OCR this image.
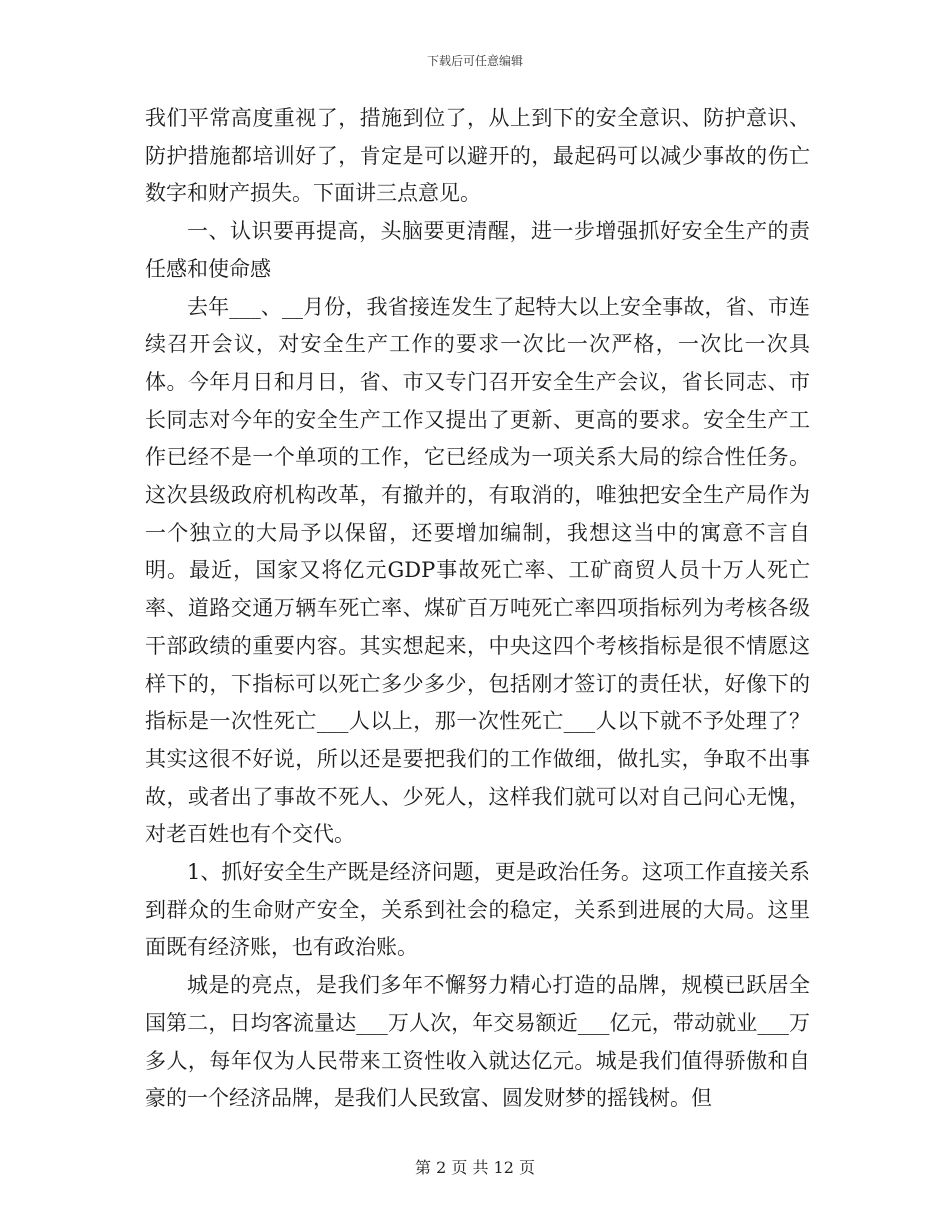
下载后可任意编辑

我们平常高度重视了，措施到位了，从上到下的安全意识、防护意识、防护措施都培训好了，肯定是可以避开的，最起码可以减少事故的伤亡数字和财产损失。下面讲三点意见。

一、认识要再提高，头脑要更清醒，进一步增强抓好安全生产的责任感和使命感

去年___、__月份，我省接连发生了起特大以上安全事故，省、市连续召开会议，对安全生产工作的要求一次比一次严格，一次比一次具体。今年月日和月日，省、市又专门召开安全生产会议，省长同志、市长同志对今年的安全生产工作又提出了更新、更高的要求。安全生产工作已经不是一个单项的工作，它已经成为一项关系大局的综合性任务。这次县级政府机构改革，有撤并的，有取消的，唯独把安全生产局作为一个独立的大局予以保留，还要增加编制，我想这当中的寓意不言自明。最近，国家又将亿元GDP事故死亡率、工矿商贸人员十万人死亡率、道路交通万辆车死亡率、煤矿百万吨死亡率四项指标列为考核各级干部政绩的重要内容。其实想起来，中央这四个考核指标是很不情愿这样下的，下指标可以死亡多少多少，包括刚才签订的责任状，好像下的指标是一次性死亡___人以上，那一次性死亡___人以下就不予处理了？其实这很不好说，所以还是要把我们的工作做细，做扎实，争取不出事故，或者出了事故不死人、少死人，这样我们就可以对自己问心无愧，对老百姓也有个交代。

1、抓好安全生产既是经济问题，更是政治任务。这项工作直接关系到群众的生命财产安全，关系到社会的稳定，关系到进展的大局。这里面既有经济账，也有政治账。

城是的亮点，是我们多年不懈努力精心打造的品牌，规模已跃居全国第二，日均客流量达___万人次，年交易额近___亿元，带动就业___万多人，每年仅为人民带来工资性收入就达亿元。城是我们值得骄傲和自豪的一个经济品牌，是我们人民致富、圆发财梦的摇钱树。但

第 2 页 共 12 页
